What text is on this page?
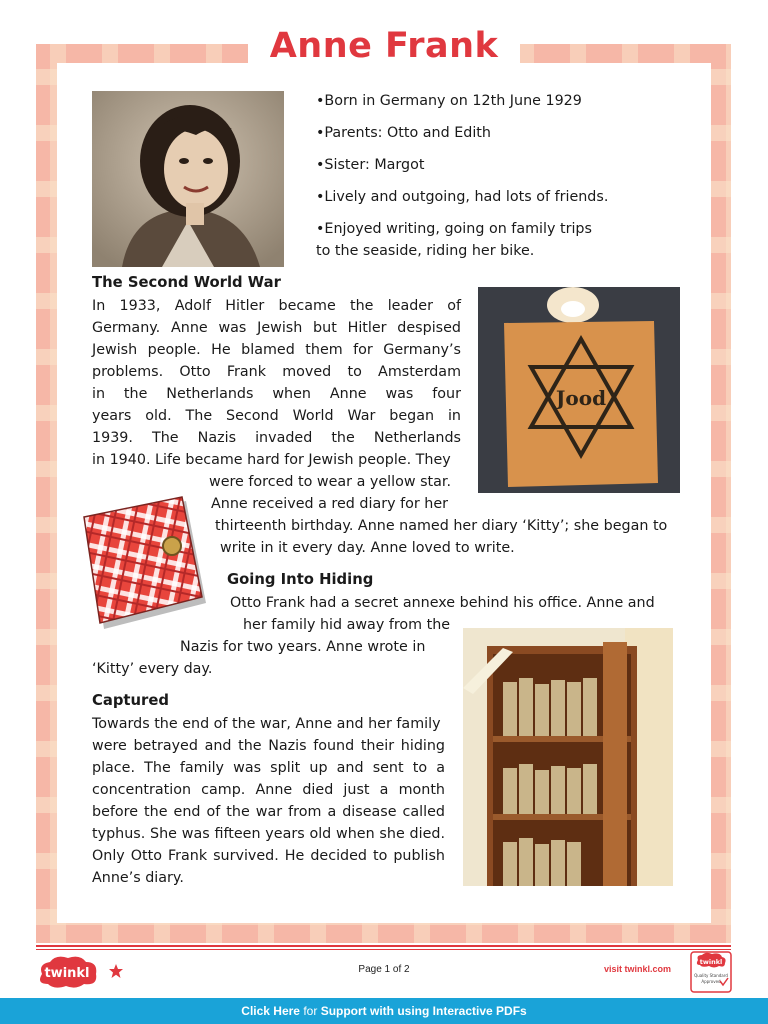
Anne Frank

•Born in Germany on 12th June 1929

•Parents: Otto and Edith

•Sister: Margot

•Lively and outgoing, had lots of friends.

•Enjoyed writing, going on family trips

to the seaside, riding her bike.

The Second World War

In 1933, Adolf Hitler became the leader of
Germany. Anne was Jewish but Hitler despised
Jewish people. He blamed them for Germany’s
problems. Otto Frank moved to Amsterdam
in the Netherlands when Anne was four
years old. The Second World War began in
1939. The Nazis invaded the Netherlands
in 1940. Life became hard for Jewish people. They
were forced to wear a yellow star.
Anne received a red diary for her
thirteenth birthday. Anne named her diary ‘Kitty’; she began to
write in it every day. Anne loved to write.
Jood

Going Into Hiding

Otto Frank had a secret annexe behind his office. Anne and
her family hid away from the
Nazis for two years. Anne wrote in
‘Kitty’ every day.

Captured

Towards the end of the war, Anne and her family
were betrayed and the Nazis found their hiding
place. The family was split up and sent to a
concentration camp. Anne died just a month
before the end of the war from a disease called
typhus. She was fifteen years old when she died.
Only Otto Frank survived. He decided to publish
Anne’s diary.
twinkl	Page 1 of 2	visit twinkl.com
twinkl
Quality Standard
Approved
Click Here for Support with using Interactive PDFs
